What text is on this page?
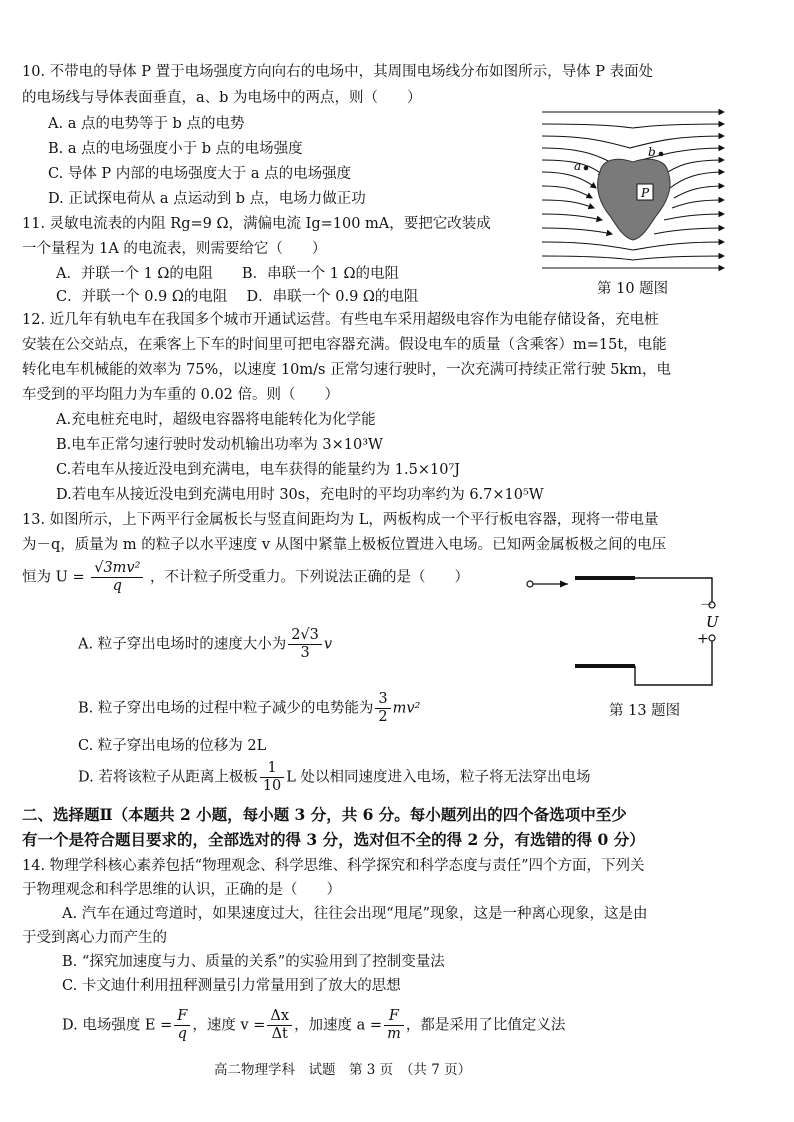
10. 不带电的导体 P 置于电场强度方向向右的电场中，其周围电场线分布如图所示，导体 P 表面处
的电场线与导体表面垂直，a、b 为电场中的两点，则（　　）
A. a 点的电势等于 b 点的电势
B. a 点的电场强度小于 b 点的电场强度
C. 导体 P 内部的电场强度大于 a 点的电场强度
D. 正试探电荷从 a 点运动到 b 点，电场力做正功	P
a
b
第 10 题图
11. 灵敏电流表的内阻 Rg=9 Ω，满偏电流 Ig=100 mA，要把它改装成
一个量程为 1A 的电流表，则需要给它（　　）
A．并联一个 1 Ω的电阻　　B．串联一个 1 Ω的电阻
C．并联一个 0.9 Ω的电阻　 D．串联一个 0.9 Ω的电阻
12. 近几年有轨电车在我国多个城市开通试运营。有些电车采用超级电容作为电能存储设备，充电桩
安装在公交站点，在乘客上下车的时间里可把电容器充满。假设电车的质量（含乘客）m=15t，电能
转化电车机械能的效率为 75%，以速度 10m/s 正常匀速行驶时，一次充满可持续正常行驶 5km，电
车受到的平均阻力为车重的 0.02 倍。则（　　）
A.充电桩充电时，超级电容器将电能转化为化学能
B.电车正常匀速行驶时发动机输出功率为 3×10³W
C.若电车从接近没电到充满电，电车获得的能量约为 1.5×10⁷J
D.若电车从接近没电到充满电用时 30s，充电时的平均功率约为 6.7×10⁵W
13. 如图所示，上下两平行金属板长与竖直间距均为 L，两板构成一个平行板电容器，现将一带电量
为－q，质量为 m 的粒子以水平速度 v 从图中紧靠上极板位置进入电场。已知两金属板极之间的电压
恒为 $U = \frac{\text{√3mv²}}{q}$ ，不计粒子所受重力。下列说法正确的是（　　）
A. 粒子穿出电场时的速度大小为 $\frac{2√3}{3}$ v
B. 粒子穿出电场的过程中粒子减少的电势能为 $\frac{3}{2} mv^2$
C. 粒子穿出电场的位移为 2L
D. 若将该粒子从距离上极板 $\frac{1}{10}$ L 处以相同速度进入电场，粒子将无法穿出电场
－
U
+
第 13 题图
二、选择题Ⅱ（本题共 2 小题，每小题 3 分，共 6 分。每小题列出的四个备选项中至少
有一个是符合题目要求的，全部选对的得 3 分，选对但不全的得 2 分，有选错的得 0 分）
14. 物理学科核心素养包括“物理观念、科学思维、科学探究和科学态度与责任”四个方面，下列关
于物理观念和科学思维的认识，正确的是（　　）
A. 汽车在通过弯道时，如果速度过大，往往会出现“甩尾”现象，这是一种离心现象，这是由
于受到离心力而产生的
B. “探究加速度与力、质量的关系”的实验用到了控制变量法
C. 卡文迪什利用扭秤测量引力常量用到了放大的思想
D. 电场强度 $E = \frac{F}{q}$ ，速度 $v = \frac{\Delta x}{\Delta t}$ ，加速度 $a = \frac{F}{m}$ ，都是采用了比值定义法
高二物理学科　试题　第 3 页　（共 7 页）
